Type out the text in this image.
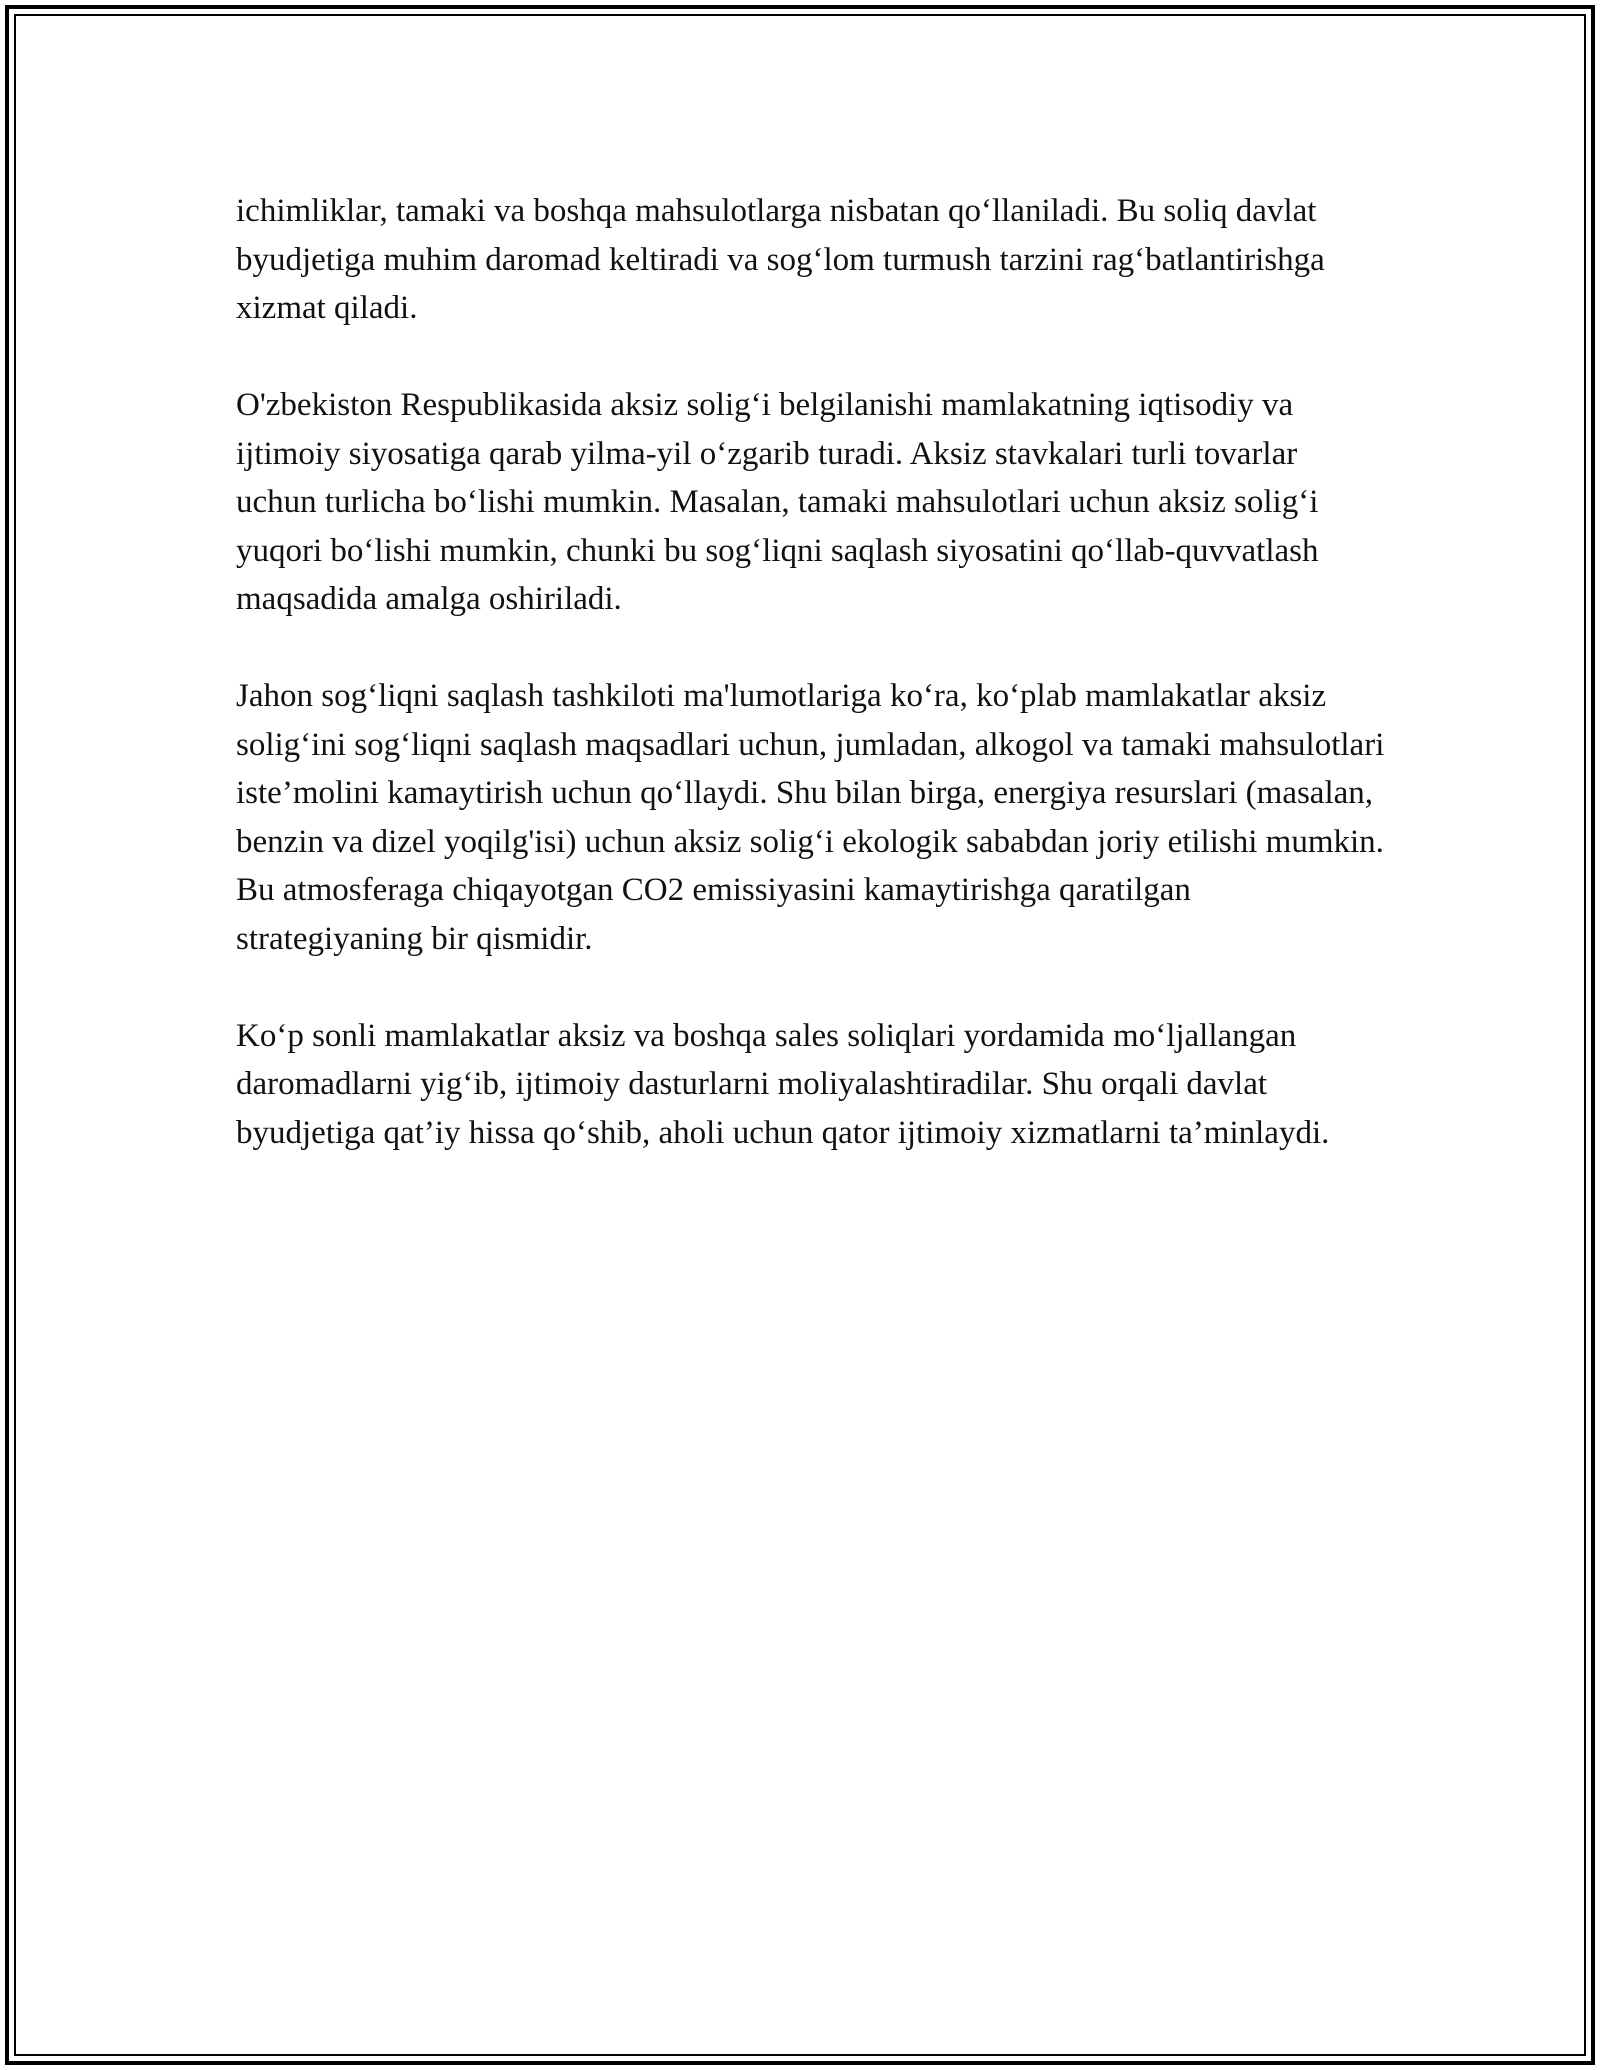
ichimliklar, tamaki va boshqa mahsulotlarga nisbatan qo‘llaniladi. Bu soliq davlat byudjetiga muhim daromad keltiradi va sog‘lom turmush tarzini rag‘batlantirishga xizmat qiladi.

O'zbekiston Respublikasida aksiz solig‘i belgilanishi mamlakatning iqtisodiy va ijtimoiy siyosatiga qarab yilma-yil o‘zgarib turadi. Aksiz stavkalari turli tovarlar uchun turlicha bo‘lishi mumkin. Masalan, tamaki mahsulotlari uchun aksiz solig‘i yuqori bo‘lishi mumkin, chunki bu sog‘liqni saqlash siyosatini qo‘llab-quvvatlash maqsadida amalga oshiriladi.

Jahon sog‘liqni saqlash tashkiloti ma'lumotlariga ko‘ra, ko‘plab mamlakatlar aksiz solig‘ini sog‘liqni saqlash maqsadlari uchun, jumladan, alkogol va tamaki mahsulotlari iste’molini kamaytirish uchun qo‘llaydi. Shu bilan birga, energiya resurslari (masalan, benzin va dizel yoqilg'isi) uchun aksiz solig‘i ekologik sababdan joriy etilishi mumkin. Bu atmosferaga chiqayotgan CO2 emissiyasini kamaytirishga qaratilgan strategiyaning bir qismidir.

Ko‘p sonli mamlakatlar aksiz va boshqa sales soliqlari yordamida mo‘ljallangan daromadlarni yig‘ib, ijtimoiy dasturlarni moliyalashtiradilar. Shu orqali davlat byudjetiga qat’iy hissa qo‘shib, aholi uchun qator ijtimoiy xizmatlarni ta’minlaydi.
